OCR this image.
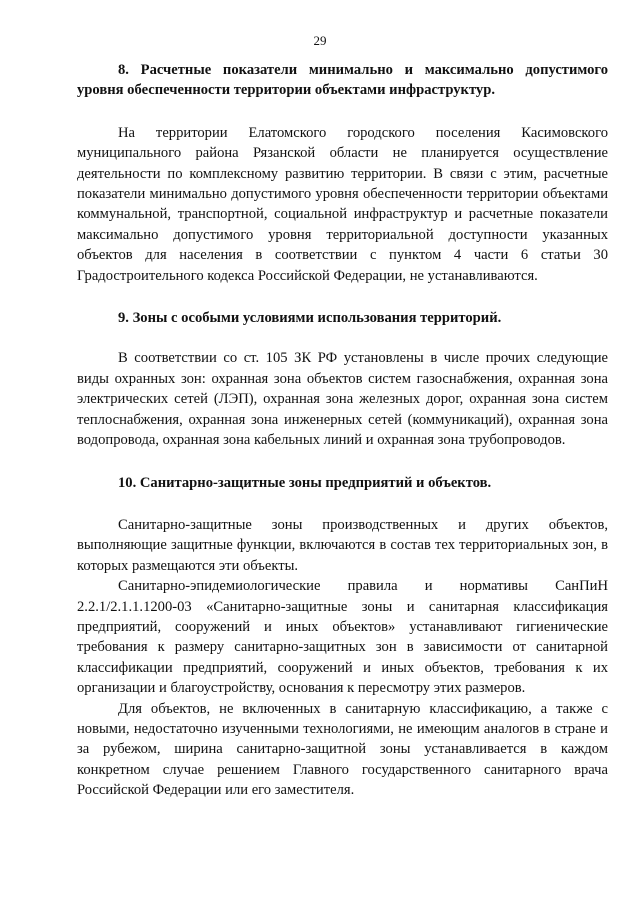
29

8. Расчетные показатели минимально и максимально допустимого уровня обеспеченности территории объектами инфраструктур.

На территории Елатомского городского поселения Касимовского муниципального района Рязанской области не планируется осуществление деятельности по комплексному развитию территории. В связи с этим, расчетные показатели минимально допустимого уровня обеспеченности территории объектами коммунальной, транспортной, социальной инфраструктур и расчетные показатели максимально допустимого уровня территориальной доступности указанных объектов для населения в соответствии с пунктом 4 части 6 статьи 30 Градостроительного кодекса Российской Федерации, не устанавливаются.

9. Зоны с особыми условиями использования территорий.

В соответствии со ст. 105 ЗК РФ установлены в числе прочих следующие виды охранных зон: охранная зона объектов систем газоснабжения, охранная зона электрических сетей (ЛЭП), охранная зона железных дорог, охранная зона систем теплоснабжения, охранная зона инженерных сетей (коммуникаций), охранная зона водопровода, охранная зона кабельных линий и охранная зона трубопроводов.

10. Санитарно-защитные зоны предприятий и объектов.

Санитарно-защитные зоны производственных и других объектов, выполняющие защитные функции, включаются в состав тех территориальных зон, в которых размещаются эти объекты.

Санитарно-эпидемиологические правила и нормативы СанПиН 2.2.1/2.1.1.1200-03 «Санитарно-защитные зоны и санитарная классификация предприятий, сооружений и иных объектов» устанавливают гигиенические требования к размеру санитарно-защитных зон в зависимости от санитарной классификации предприятий, сооружений и иных объектов, требования к их организации и благоустройству, основания к пересмотру этих размеров.

Для объектов, не включенных в санитарную классификацию, а также с новыми, недостаточно изученными технологиями, не имеющим аналогов в стране и за рубежом, ширина санитарно-защитной зоны устанавливается в каждом конкретном случае решением Главного государственного санитарного врача Российской Федерации или его заместителя.
